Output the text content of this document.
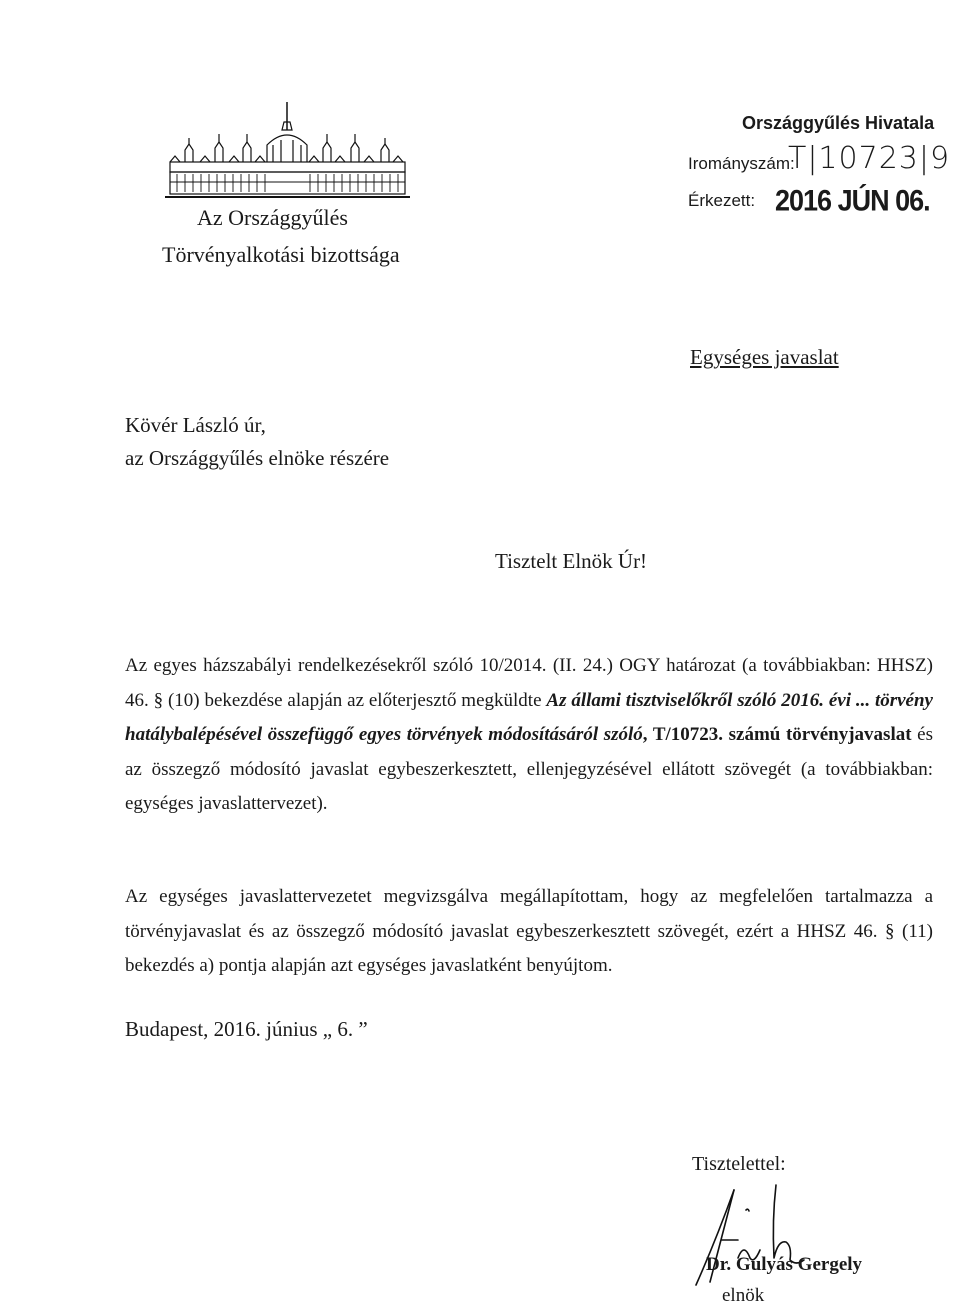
Az Országgyűlés
Törvényalkotási bizottsága
Országgyűlés Hivatala
Irományszám:
T|10723|9
Érkezett: 2016 JÚN 06.
Egységes javaslat
Kövér László úr,
az Országgyűlés elnöke részére
Tisztelt Elnök Úr!
Az egyes házszabályi rendelkezésekről szóló 10/2014. (II. 24.) OGY határozat (a továbbiakban: HHSZ) 46. § (10) bekezdése alapján az előterjesztő megküldte Az állami tisztviselőkről szóló 2016. évi ... törvény hatálybalépésével összefüggő egyes törvények módosításáról szóló, T/10723. számú törvényjavaslat és az összegző módosító javaslat egybeszerkesztett, ellenjegyzésével ellátott szövegét (a továbbiakban: egységes javaslattervezet).
Az egységes javaslattervezetet megvizsgálva megállapítottam, hogy az megfelelően tartalmazza a törvényjavaslat és az összegző módosító javaslat egybeszerkesztett szövegét, ezért a HHSZ 46. § (11) bekezdés a) pontja alapján azt egységes javaslatként benyújtom.
Budapest, 2016. június „ 6. ”
Tisztelettel:
Dr. Gulyás Gergely
elnök
